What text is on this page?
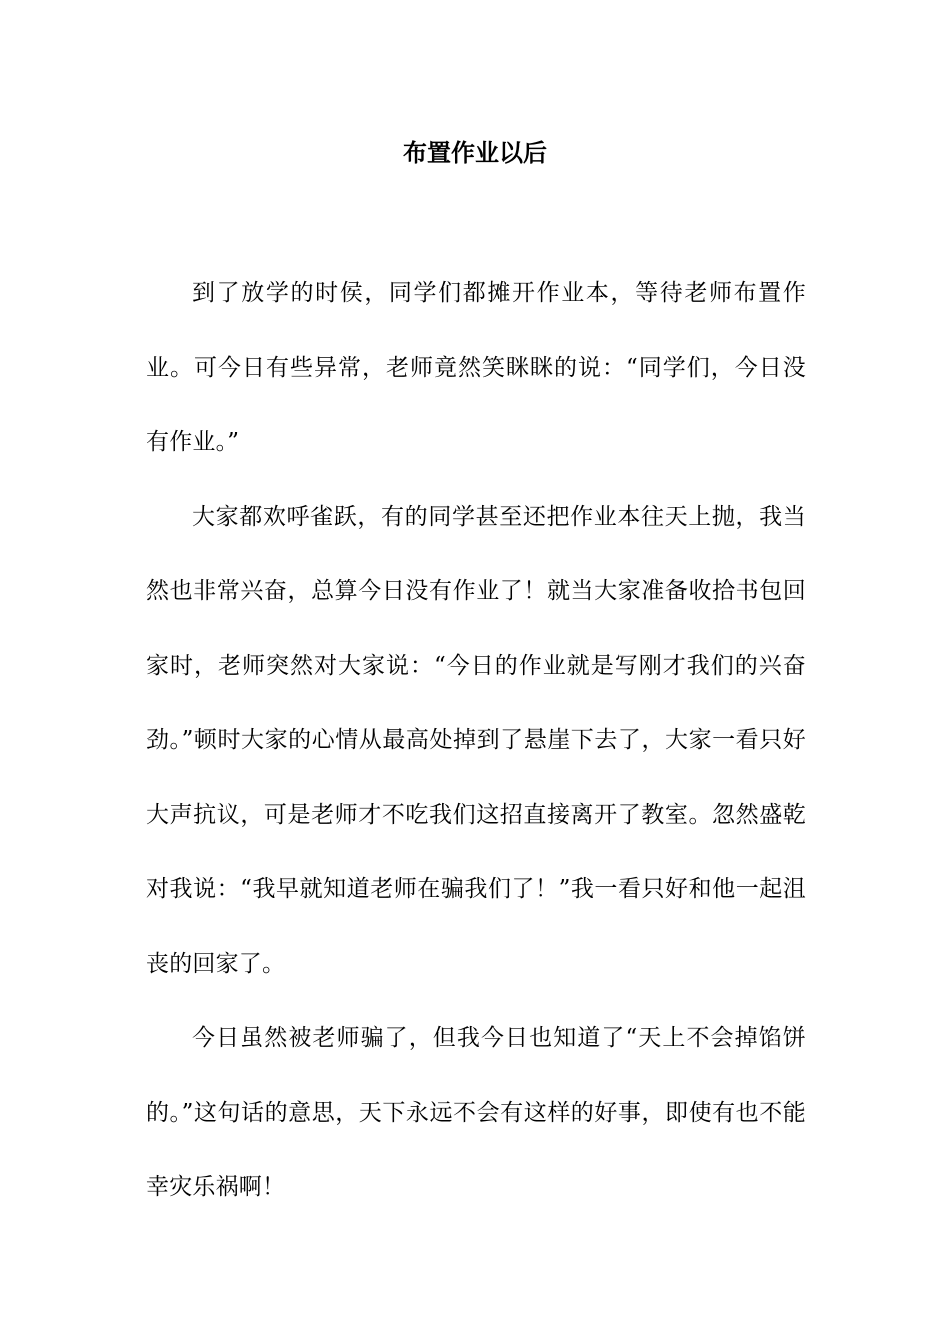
布置作业以后

到了放学的时侯，同学们都摊开作业本，等待老师布置作业。可今日有些异常，老师竟然笑眯眯的说：“同学们，今日没有作业。”

大家都欢呼雀跃，有的同学甚至还把作业本往天上抛，我当然也非常兴奋，总算今日没有作业了！就当大家准备收拾书包回家时，老师突然对大家说：“今日的作业就是写刚才我们的兴奋劲。”顿时大家的心情从最高处掉到了悬崖下去了，大家一看只好大声抗议，可是老师才不吃我们这招直接离开了教室。忽然盛乾对我说：“我早就知道老师在骗我们了！”我一看只好和他一起沮丧的回家了。

今日虽然被老师骗了，但我今日也知道了“天上不会掉馅饼的。”这句话的意思，天下永远不会有这样的好事，即使有也不能幸灾乐祸啊！
